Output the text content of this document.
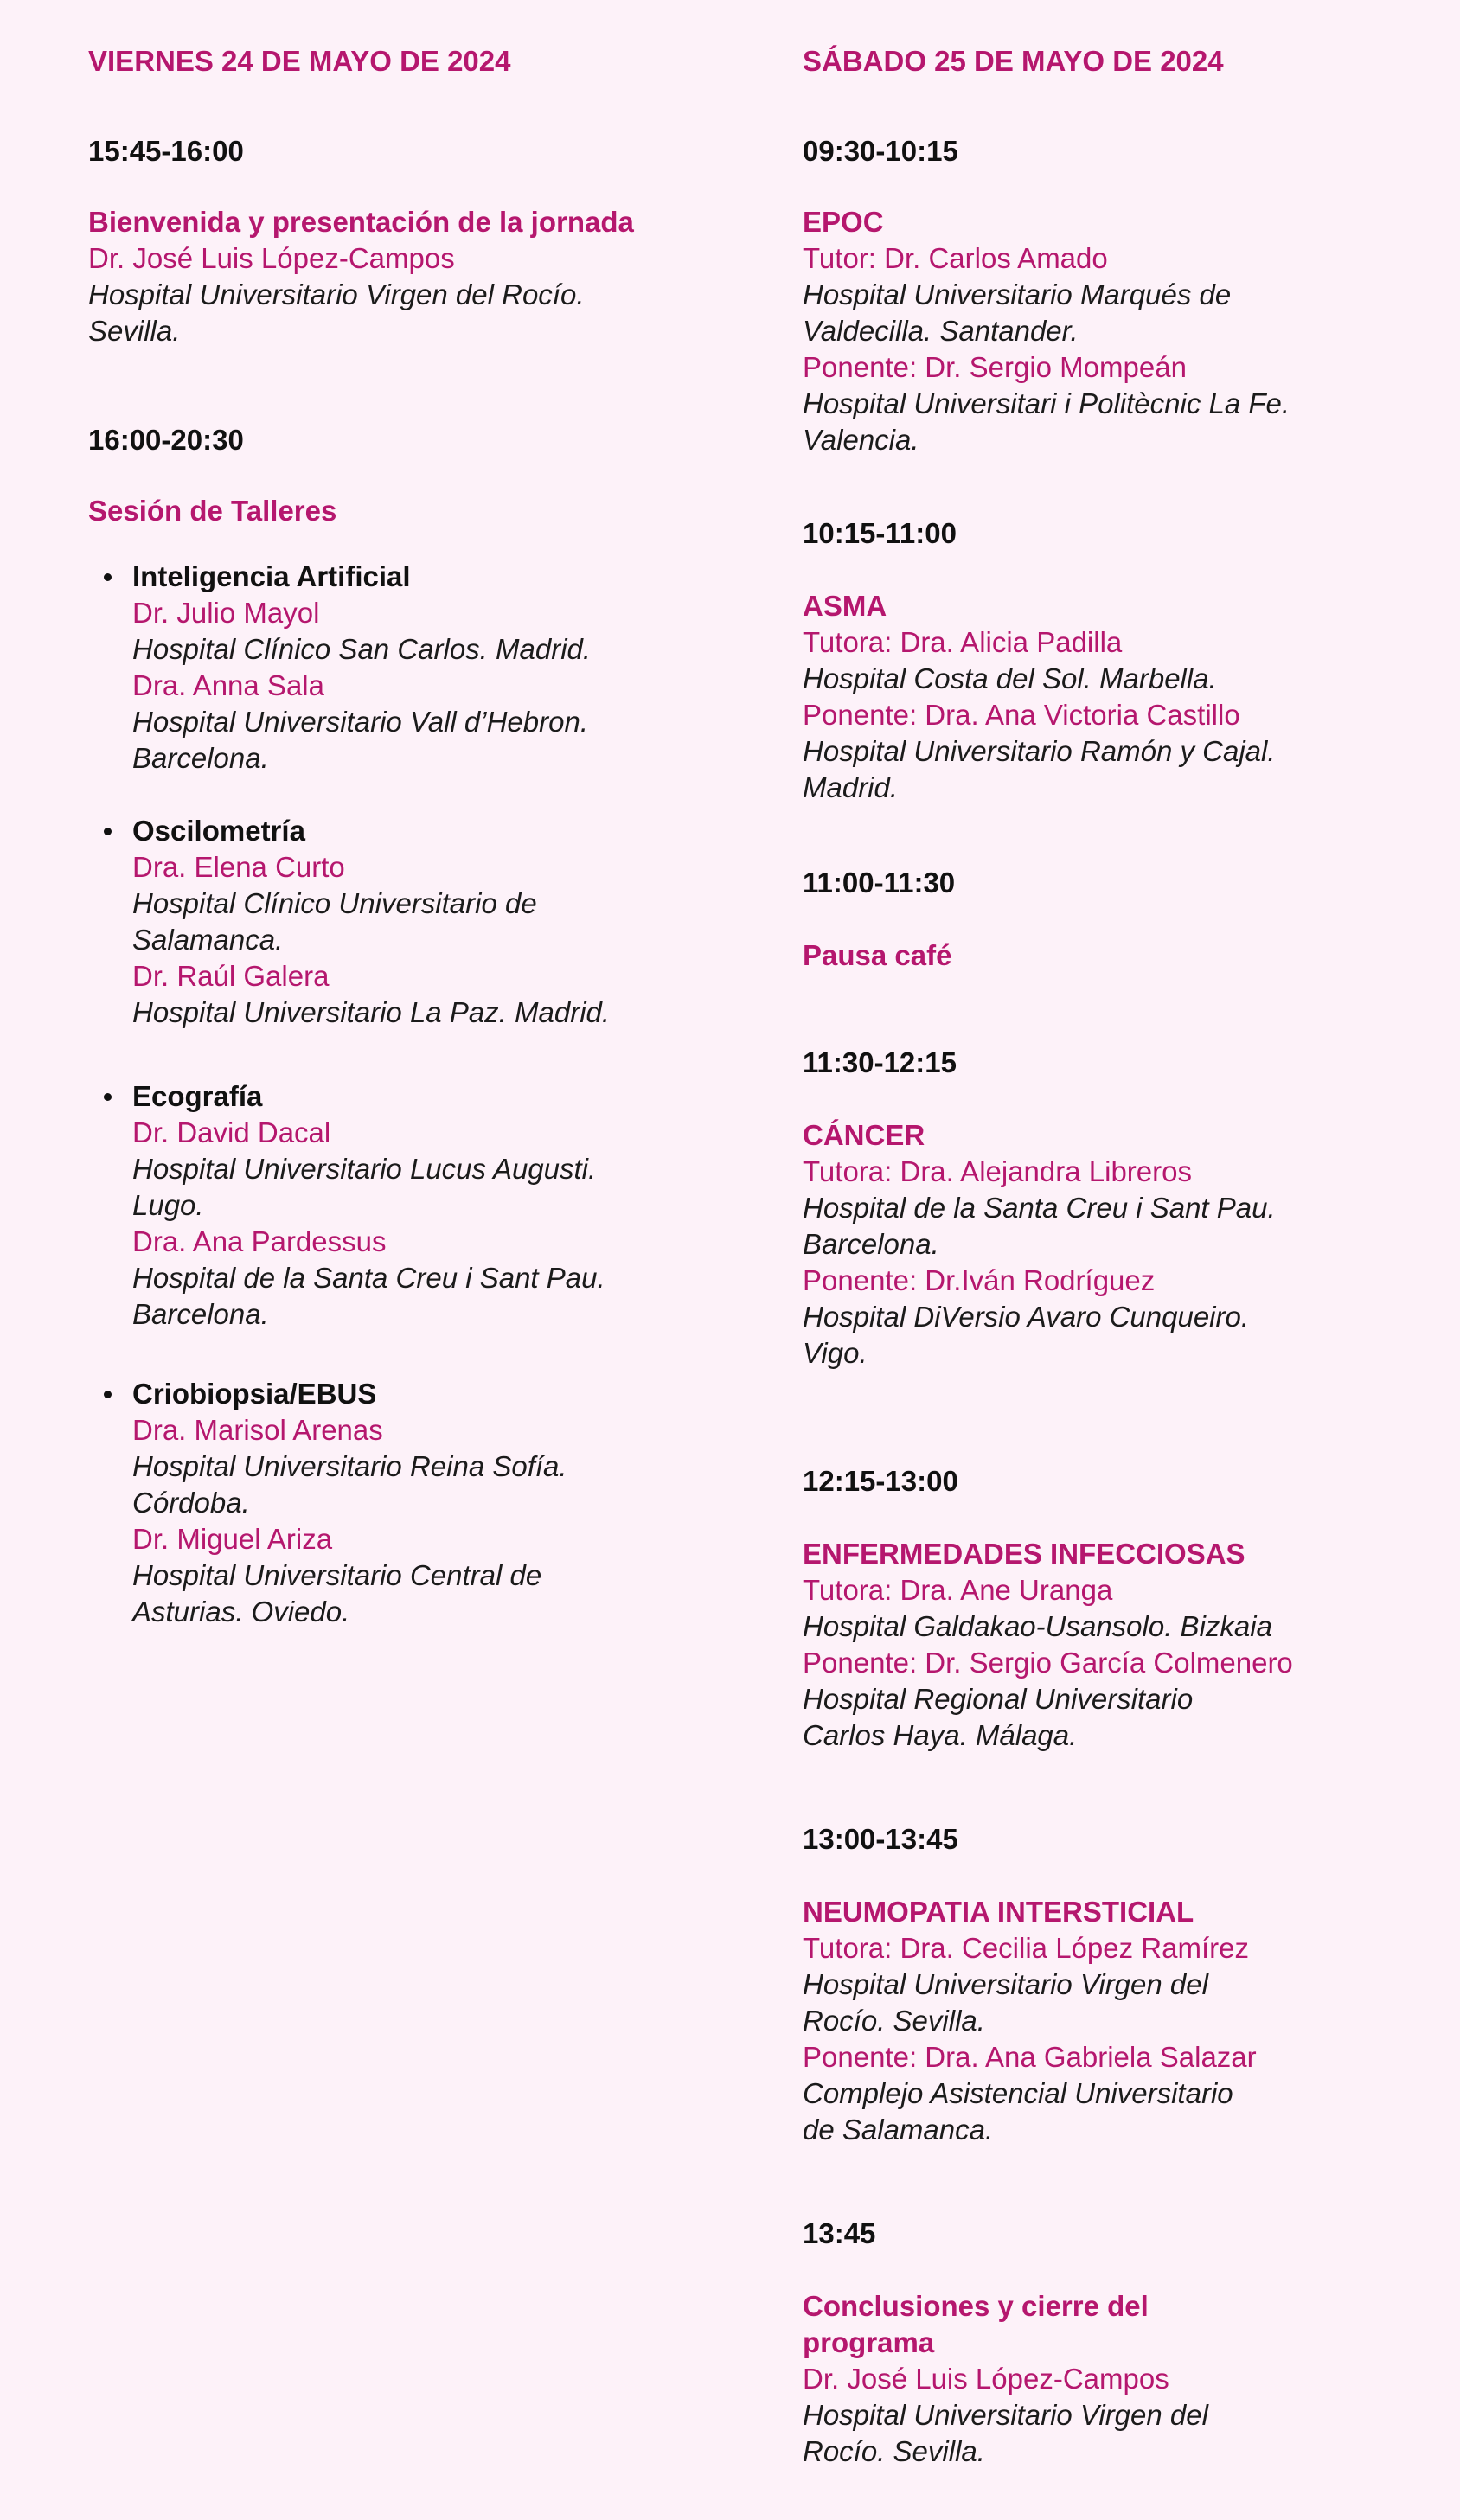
VIERNES 24 DE MAYO DE 2024
15:45-16:00
Bienvenida y presentación de la jornada
Dr. José Luis López-Campos
Hospital Universitario Virgen del Rocío.
Sevilla.
16:00-20:30
Sesión de Talleres
Inteligencia Artificial
Dr. Julio Mayol
Hospital Clínico San Carlos. Madrid.
Dra. Anna Sala
Hospital Universitario Vall d’Hebron.
Barcelona.
Oscilometría
Dra. Elena Curto
Hospital Clínico Universitario de
Salamanca.
Dr. Raúl Galera
Hospital Universitario La Paz. Madrid.
Ecografía
Dr. David Dacal
Hospital Universitario Lucus Augusti.
Lugo.
Dra. Ana Pardessus
Hospital de la Santa Creu i Sant Pau.
Barcelona.
Criobiopsia/EBUS
Dra. Marisol Arenas
Hospital Universitario Reina Sofía.
Córdoba.
Dr. Miguel Ariza
Hospital Universitario Central de
Asturias. Oviedo.
SÁBADO 25 DE MAYO DE 2024
09:30-10:15
EPOC
Tutor: Dr. Carlos Amado
Hospital Universitario Marqués de
Valdecilla. Santander.
Ponente: Dr. Sergio Mompeán
Hospital Universitari i Politècnic La Fe.
Valencia.
10:15-11:00
ASMA
Tutora: Dra. Alicia Padilla
Hospital Costa del Sol. Marbella.
Ponente: Dra. Ana Victoria Castillo
Hospital Universitario Ramón y Cajal.
Madrid.
11:00-11:30
Pausa café
11:30-12:15
CÁNCER
Tutora: Dra. Alejandra Libreros
Hospital de la Santa Creu i Sant Pau.
Barcelona.
Ponente: Dr.Iván Rodríguez
Hospital DiVersio Avaro Cunqueiro.
Vigo.
12:15-13:00
ENFERMEDADES INFECCIOSAS
Tutora: Dra. Ane Uranga
Hospital Galdakao-Usansolo. Bizkaia
Ponente: Dr. Sergio García Colmenero
Hospital Regional Universitario
Carlos Haya. Málaga.
13:00-13:45
NEUMOPATIA INTERSTICIAL
Tutora: Dra. Cecilia López Ramírez
Hospital Universitario Virgen del
Rocío. Sevilla.
Ponente: Dra. Ana Gabriela Salazar
Complejo Asistencial Universitario
de Salamanca.
13:45
Conclusiones y cierre del
programa
Dr. José Luis López-Campos
Hospital Universitario Virgen del
Rocío. Sevilla.
